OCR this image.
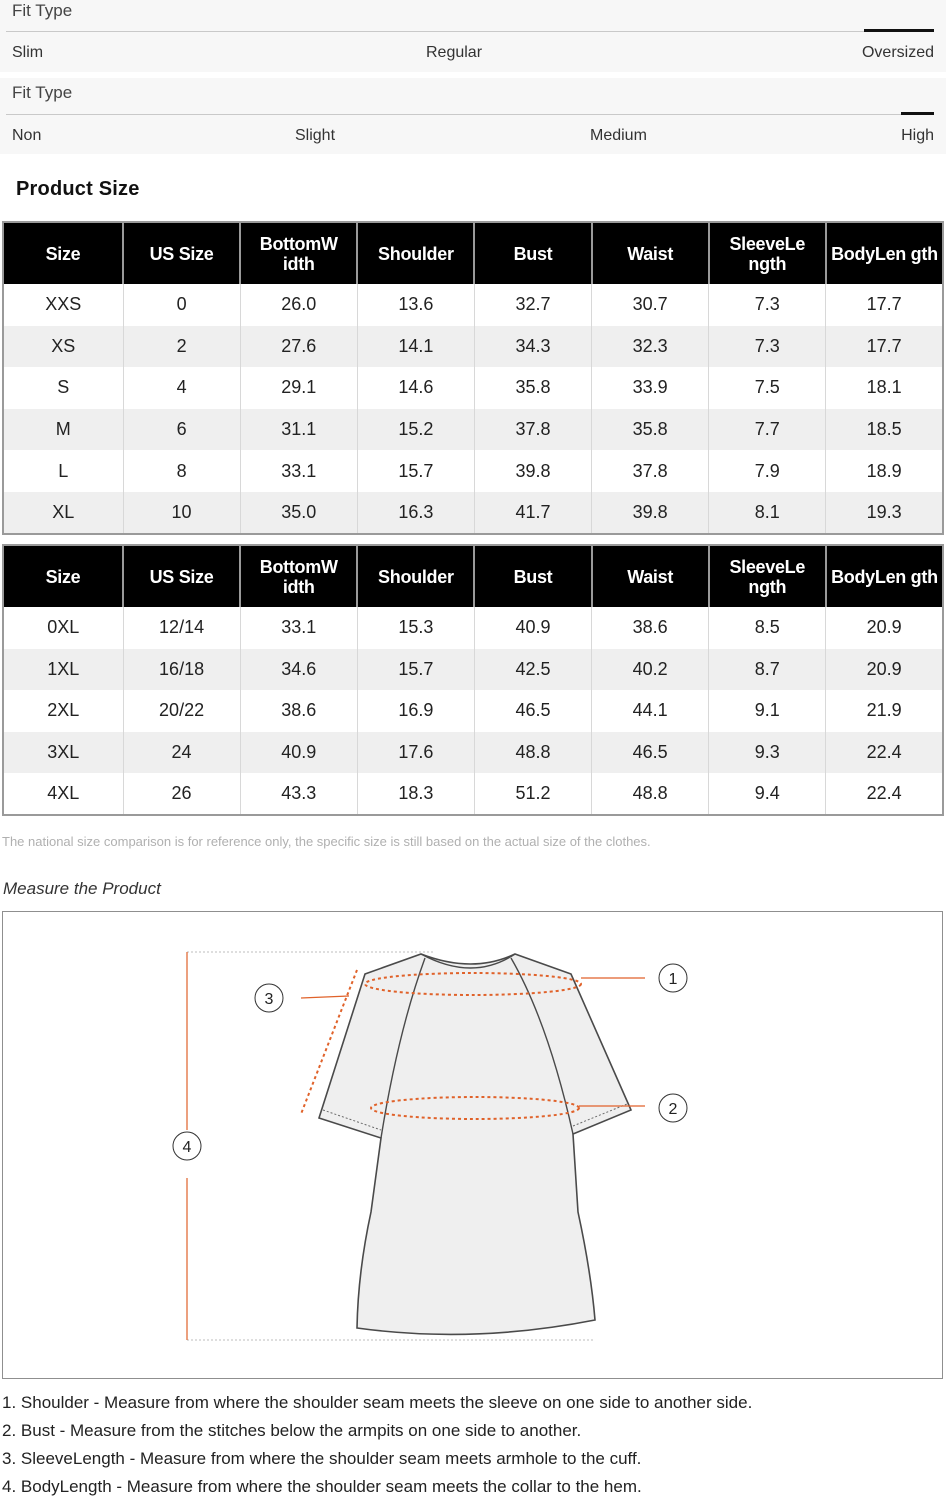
Fit Type
Slim	Regular	Oversized
Fit Type
Non	Slight	Medium	High
Product Size
Size	US Size	BottomW idth	Shoulder	Bust	Waist	SleeveLe ngth	BodyLen gth
XXS	0	26.0	13.6	32.7	30.7	7.3	17.7
XS	2	27.6	14.1	34.3	32.3	7.3	17.7
S	4	29.1	14.6	35.8	33.9	7.5	18.1
M	6	31.1	15.2	37.8	35.8	7.7	18.5
L	8	33.1	15.7	39.8	37.8	7.9	18.9
XL	10	35.0	16.3	41.7	39.8	8.1	19.3
Size	US Size	BottomW idth	Shoulder	Bust	Waist	SleeveLe ngth	BodyLen gth
0XL	12/14	33.1	15.3	40.9	38.6	8.5	20.9
1XL	16/18	34.6	15.7	42.5	40.2	8.7	20.9
2XL	20/22	38.6	16.9	46.5	44.1	9.1	21.9
3XL	24	40.9	17.6	48.8	46.5	9.3	22.4
4XL	26	43.3	18.3	51.2	48.8	9.4	22.4
The national size comparison is for reference only, the specific size is still based on the actual size of the clothes.
Measure the Product
1
2
3
4
1. Shoulder - Measure from where the shoulder seam meets the sleeve on one side to another side.
2. Bust - Measure from the stitches below the armpits on one side to another.
3. SleeveLength - Measure from where the shoulder seam meets armhole to the cuff.
4. BodyLength - Measure from where the shoulder seam meets the collar to the hem.
